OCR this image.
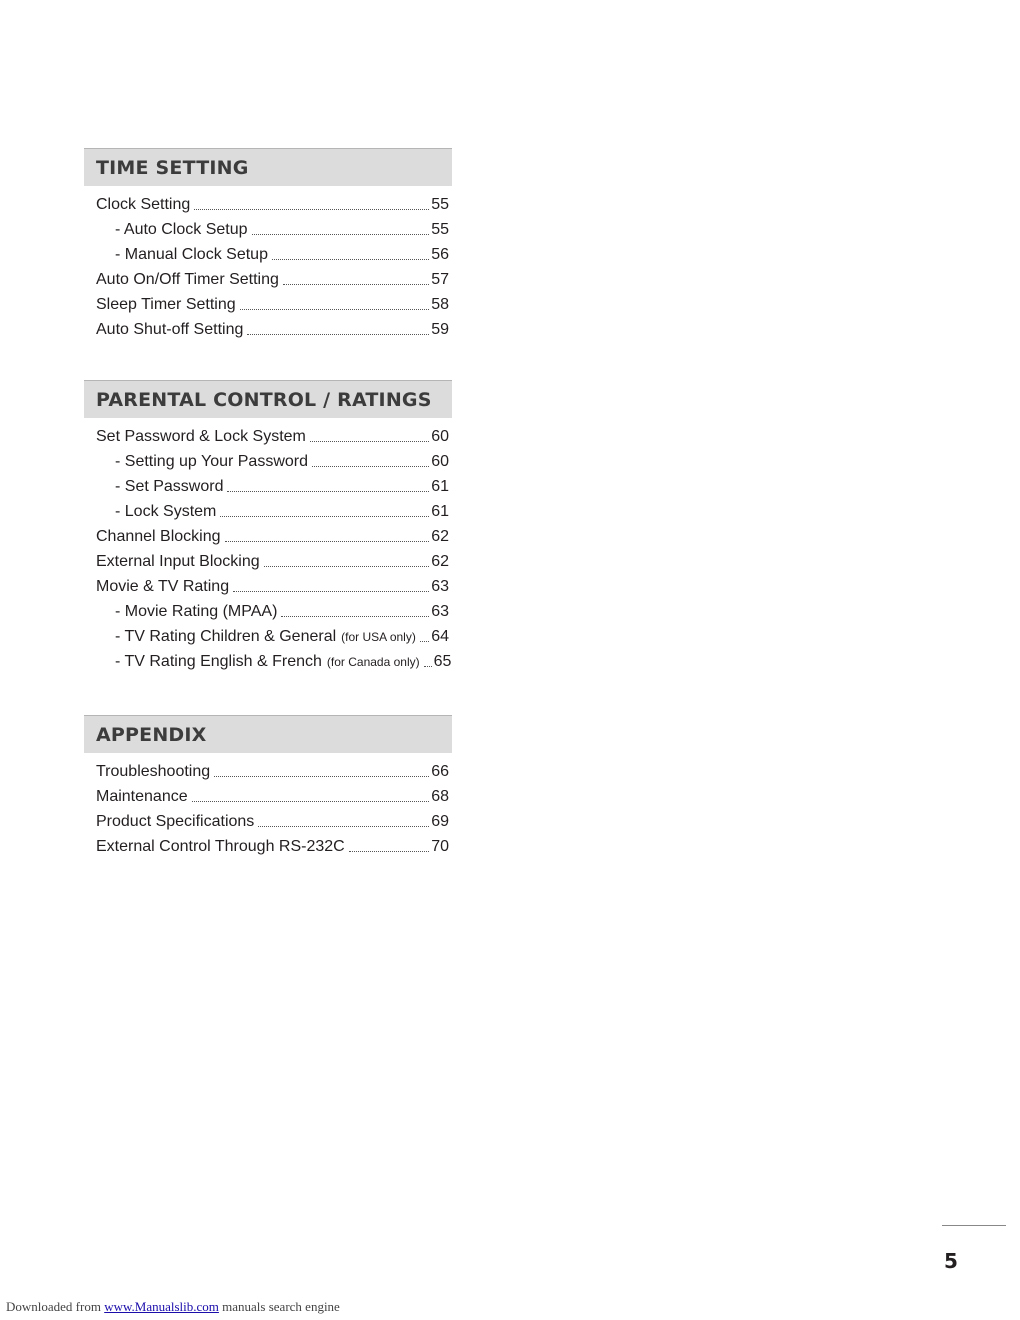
TIME SETTING
Clock Setting	55
- Auto Clock Setup	55
- Manual Clock Setup	56
Auto On/Off Timer Setting	57
Sleep Timer Setting	58
Auto Shut-off Setting	59
PARENTAL CONTROL / RATINGS
Set Password & Lock System	60
- Setting up Your Password	60
- Set Password	61
- Lock System	61
Channel Blocking	62
External Input Blocking	62
Movie & TV Rating	63
- Movie Rating (MPAA)	63
- TV Rating Children & General (for USA only) 64
- TV Rating English & French (for Canada only) 65
APPENDIX
Troubleshooting	66
Maintenance	68
Product Specifications	69
External Control Through RS-232C	70
5
Downloaded from www.Manualslib.com manuals search engine
